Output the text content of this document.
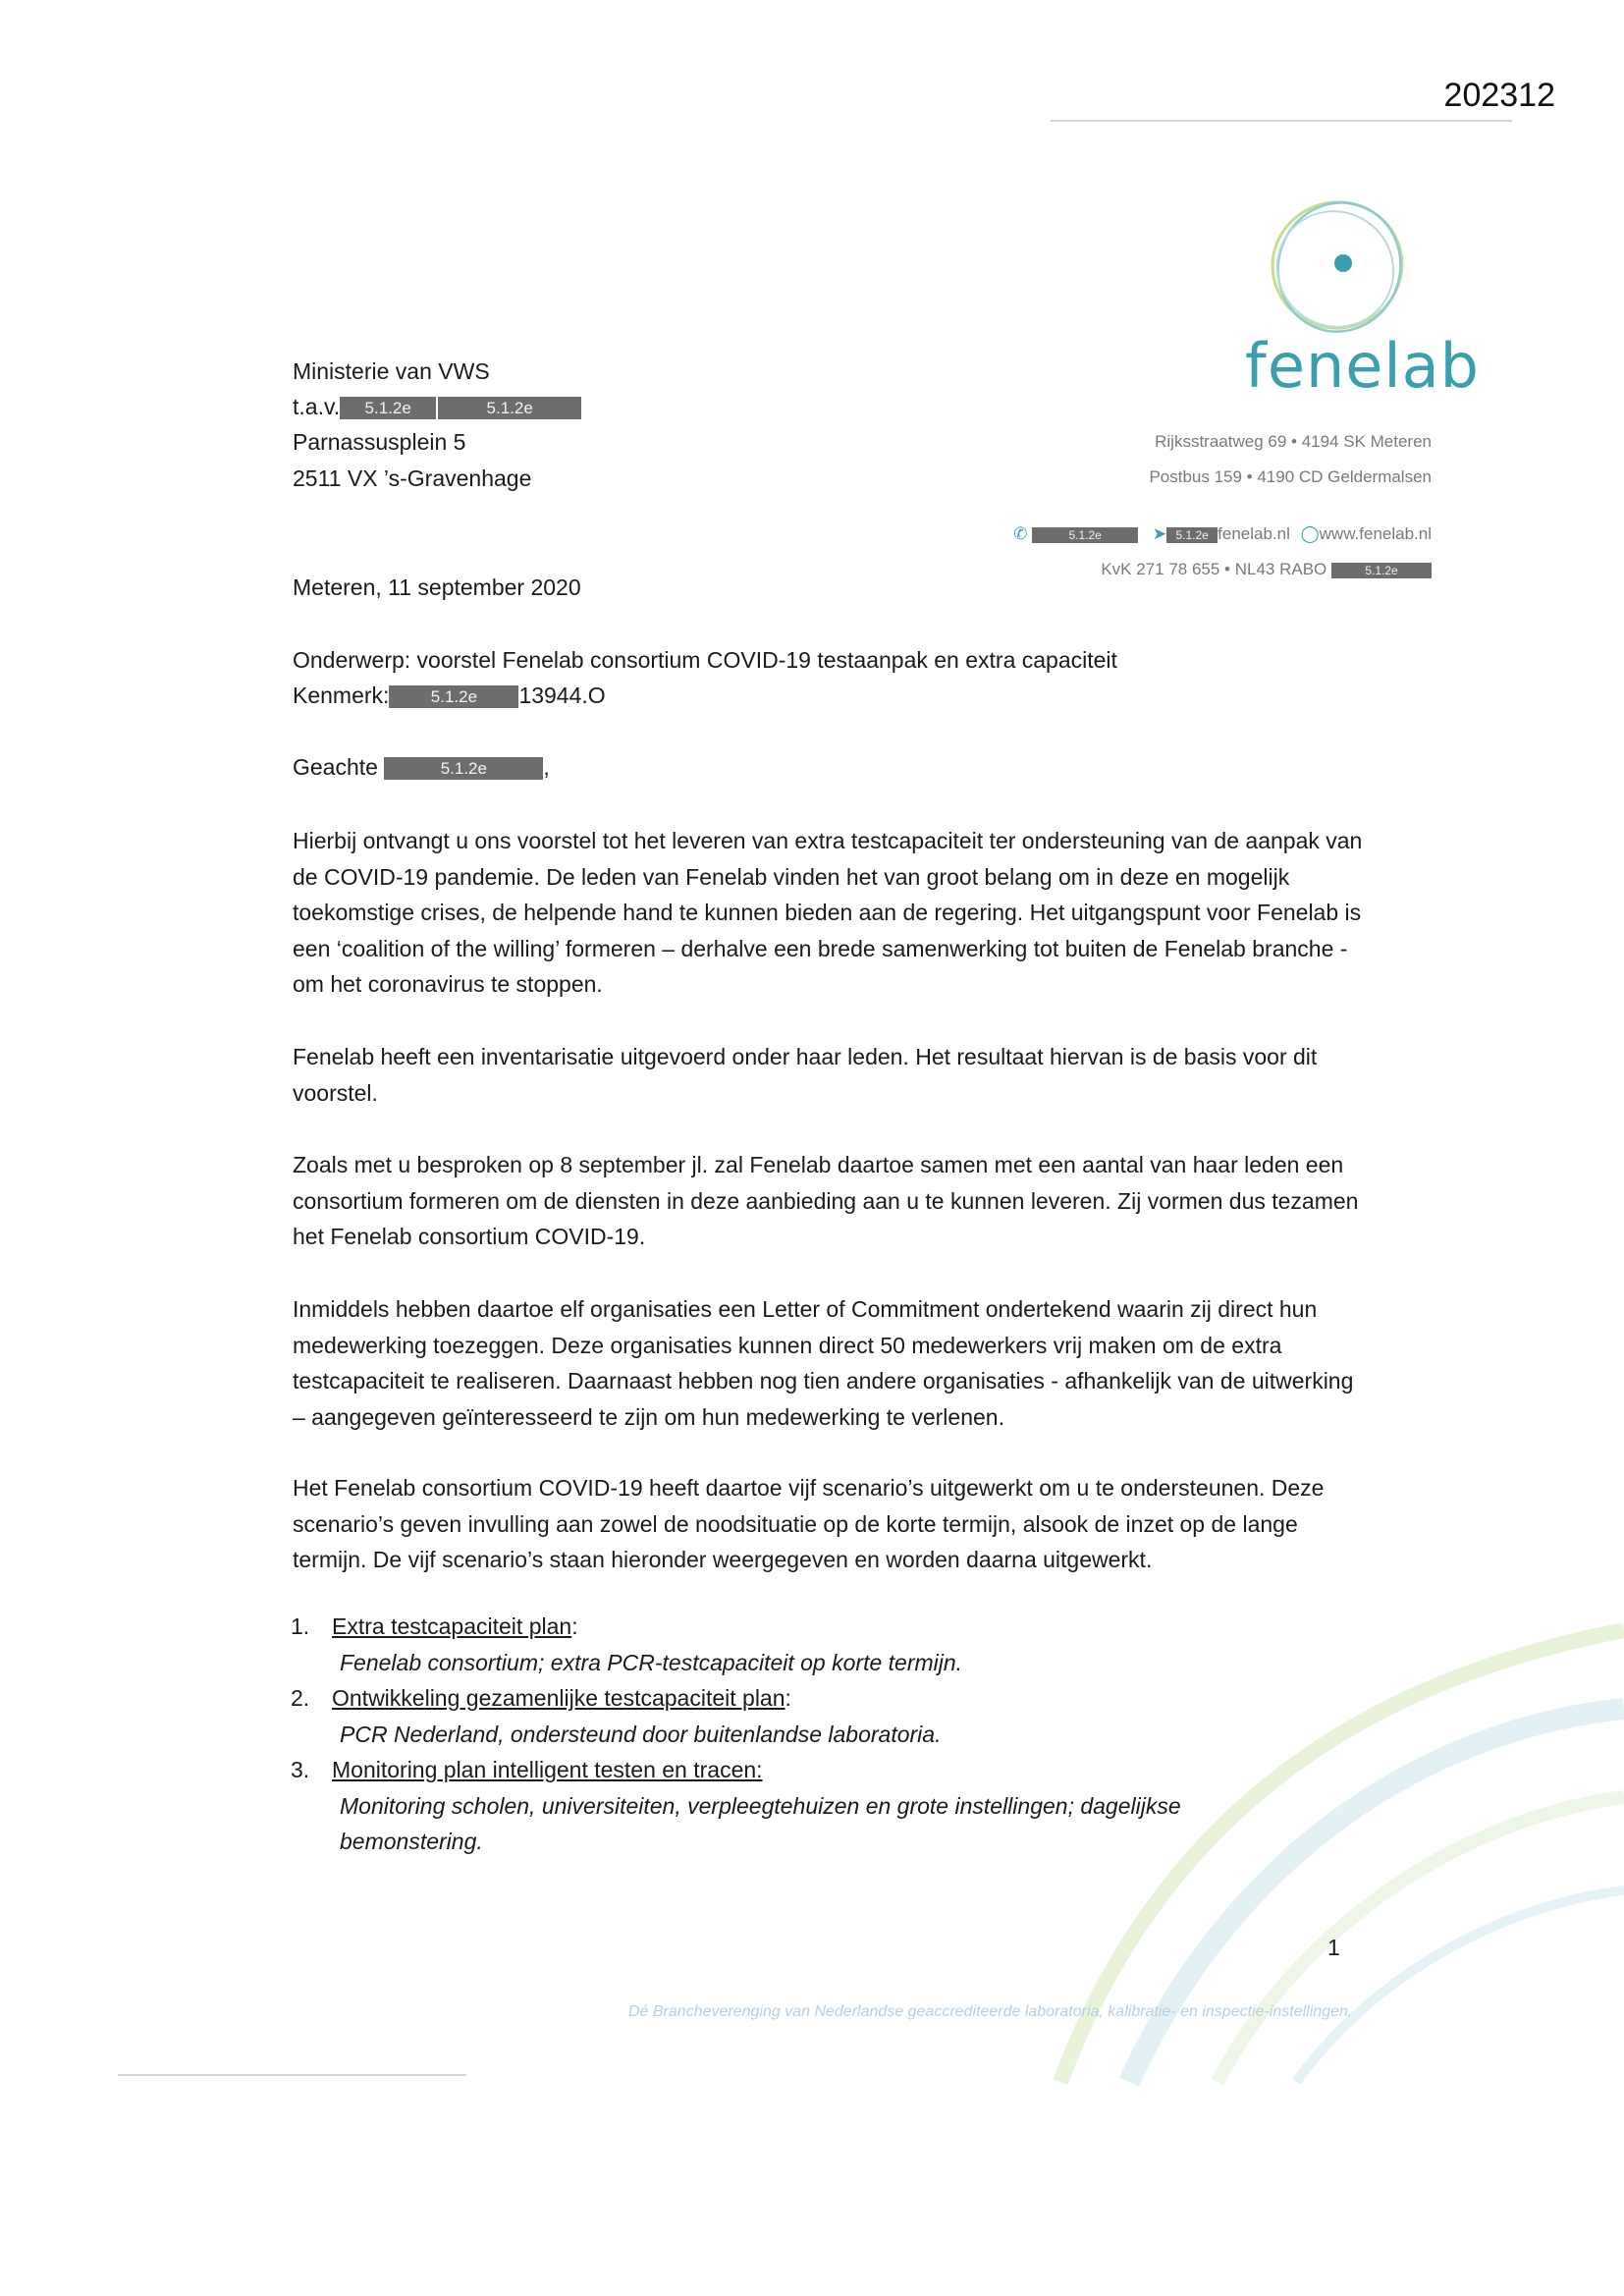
202312
fenelab
Rijksstraatweg 69 • 4194 SK Meteren
Postbus 159 • 4190 CD Geldermalsen
✆	5.1.2e	➤ 5.1.2e fenelab.nl ◯www.fenelab.nl
KvK 271 78 655 • NL43 RABO	5.1.2e
Ministerie van VWS
t.a.v. 5.1.2e	5.1.2e
Parnassusplein 5
2511 VX ’s-Gravenhage
Meteren, 11 september 2020
Onderwerp: voorstel Fenelab consortium COVID-19 testaanpak en extra capaciteit
Kenmerk: 5.1.2e 13944.O
Geachte	5.1.2e ,

Hierbij ontvangt u ons voorstel tot het leveren van extra testcapaciteit ter ondersteuning van de aanpak van de COVID-19 pandemie. De leden van Fenelab vinden het van groot belang om in deze en mogelijk toekomstige crises, de helpende hand te kunnen bieden aan de regering. Het uitgangspunt voor Fenelab is een ‘coalition of the willing’ formeren – derhalve een brede samenwerking tot buiten de Fenelab branche - om het coronavirus te stoppen.

Fenelab heeft een inventarisatie uitgevoerd onder haar leden. Het resultaat hiervan is de basis voor dit voorstel.

Zoals met u besproken op 8 september jl. zal Fenelab daartoe samen met een aantal van haar leden een consortium formeren om de diensten in deze aanbieding aan u te kunnen leveren. Zij vormen dus tezamen het Fenelab consortium COVID-19.

Inmiddels hebben daartoe elf organisaties een Letter of Commitment ondertekend waarin zij direct hun medewerking toezeggen. Deze organisaties kunnen direct 50 medewerkers vrij maken om de extra testcapaciteit te realiseren. Daarnaast hebben nog tien andere organisaties - afhankelijk van de uitwerking – aangegeven geïnteresseerd te zijn om hun medewerking te verlenen.

Het Fenelab consortium COVID-19 heeft daartoe vijf scenario’s uitgewerkt om u te ondersteunen. Deze scenario’s geven invulling aan zowel de noodsituatie op de korte termijn, alsook de inzet op de lange termijn. De vijf scenario’s staan hieronder weergegeven en worden daarna uitgewerkt.

1. Extra testcapaciteit plan:
Fenelab consortium; extra PCR-testcapaciteit op korte termijn.
2. Ontwikkeling gezamenlijke testcapaciteit plan:
PCR Nederland, ondersteund door buitenlandse laboratoria.
3. Monitoring plan intelligent testen en tracen:
Monitoring scholen, universiteiten, verpleegtehuizen en grote instellingen; dagelijkse bemonstering.
1
Dé Brancheverenging van Nederlandse geaccrediteerde laboratoria, kalibratie- en inspectie-instellingen.
